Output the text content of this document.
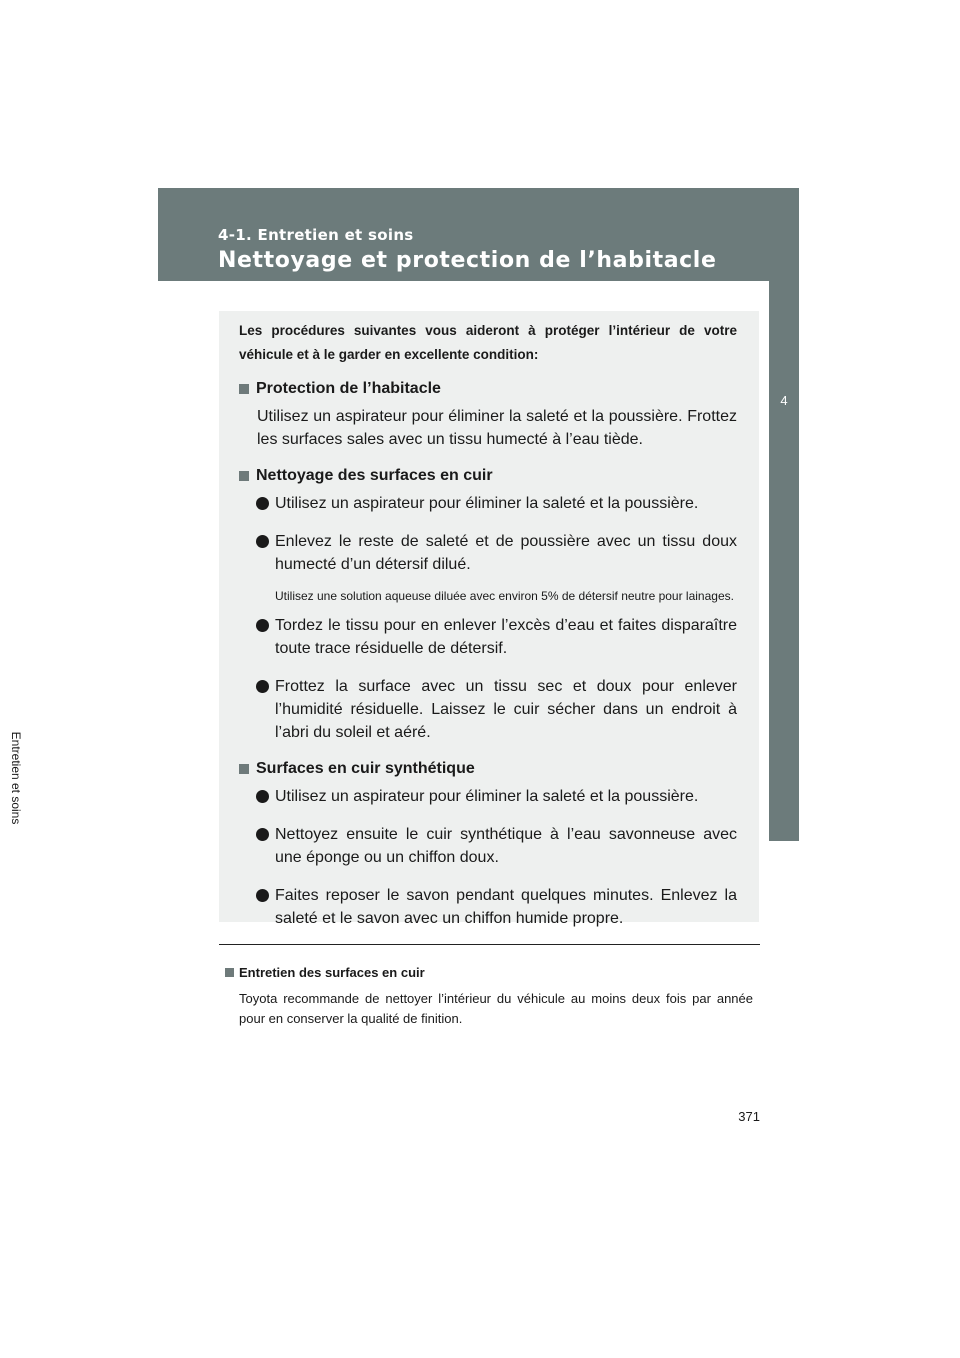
4-1. Entretien et soins
Nettoyage et protection de l’habitacle
4
Entretien et soins

Les procédures suivantes vous aideront à protéger l’intérieur de votre véhicule et à le garder en excellente condition:

Protection de l’habitacle

Utilisez un aspirateur pour éliminer la saleté et la poussière. Frottez les surfaces sales avec un tissu humecté à l’eau tiède.

Nettoyage des surfaces en cuir
Utilisez un aspirateur pour éliminer la saleté et la poussière.
Enlevez le reste de saleté et de poussière avec un tissu doux humecté d’un détersif dilué.

Utilisez une solution aqueuse diluée avec environ 5% de détersif neutre pour lainages.

Tordez le tissu pour en enlever l’excès d’eau et faites disparaître toute trace résiduelle de détersif.
Frottez la surface avec un tissu sec et doux pour enlever l’humidité résiduelle. Laissez le cuir sécher dans un endroit à l’abri du soleil et aéré.
Surfaces en cuir synthétique
Utilisez un aspirateur pour éliminer la saleté et la poussière.
Nettoyez ensuite le cuir synthétique à l’eau savonneuse avec une éponge ou un chiffon doux.
Faites reposer le savon pendant quelques minutes. Enlevez la saleté et le savon avec un chiffon humide propre.
Entretien des surfaces en cuir
Toyota recommande de nettoyer l’intérieur du véhicule au moins deux fois par année pour en conserver la qualité de finition.
371
